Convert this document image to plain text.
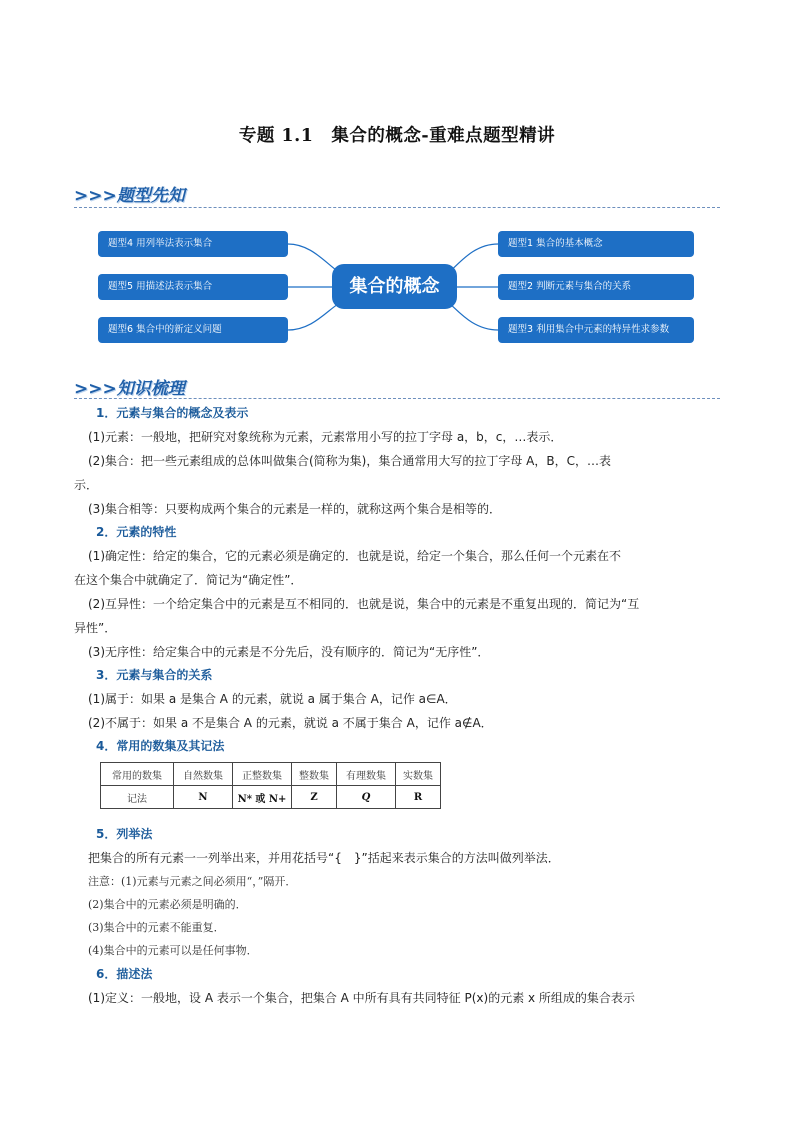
专题 1.1　集合的概念-重难点题型精讲
>>>题型先知
题型4 用列举法表示集合
题型5 用描述法表示集合
题型6 集合中的新定义问题
集合的概念
题型1 集合的基本概念
题型2 判断元素与集合的关系
题型3 利用集合中元素的特异性求参数
>>>知识梳理
1．元素与集合的概念及表示
(1)元素：一般地，把研究对象统称为元素，元素常用小写的拉丁字母 a，b，c，…表示．
(2)集合：把一些元素组成的总体叫做集合(简称为集)，集合通常用大写的拉丁字母 A，B，C，…表
示．
(3)集合相等：只要构成两个集合的元素是一样的，就称这两个集合是相等的．
2．元素的特性
(1)确定性：给定的集合，它的元素必须是确定的．也就是说，给定一个集合，那么任何一个元素在不
在这个集合中就确定了．简记为“确定性”．
(2)互异性：一个给定集合中的元素是互不相同的．也就是说，集合中的元素是不重复出现的．简记为“互
异性”．
(3)无序性：给定集合中的元素是不分先后，没有顺序的．简记为“无序性”．
3．元素与集合的关系
(1)属于：如果 a 是集合 A 的元素，就说 a 属于集合 A，记作 a∈A．
(2)不属于：如果 a 不是集合 A 的元素，就说 a 不属于集合 A，记作 a∉A．
4．常用的数集及其记法
常用的数集	自然数集	正整数集	整数集	有理数集	实数集
记法	N	N* 或 N+	Z	Q	R
5．列举法
把集合的所有元素一一列举出来，并用花括号“{　}”括起来表示集合的方法叫做列举法．
注意：(1)元素与元素之间必须用“，”隔开．
(2)集合中的元素必须是明确的．
(3)集合中的元素不能重复．
(4)集合中的元素可以是任何事物．
6．描述法
(1)定义：一般地，设 A 表示一个集合，把集合 A 中所有具有共同特征 P(x)的元素 x 所组成的集合表示
